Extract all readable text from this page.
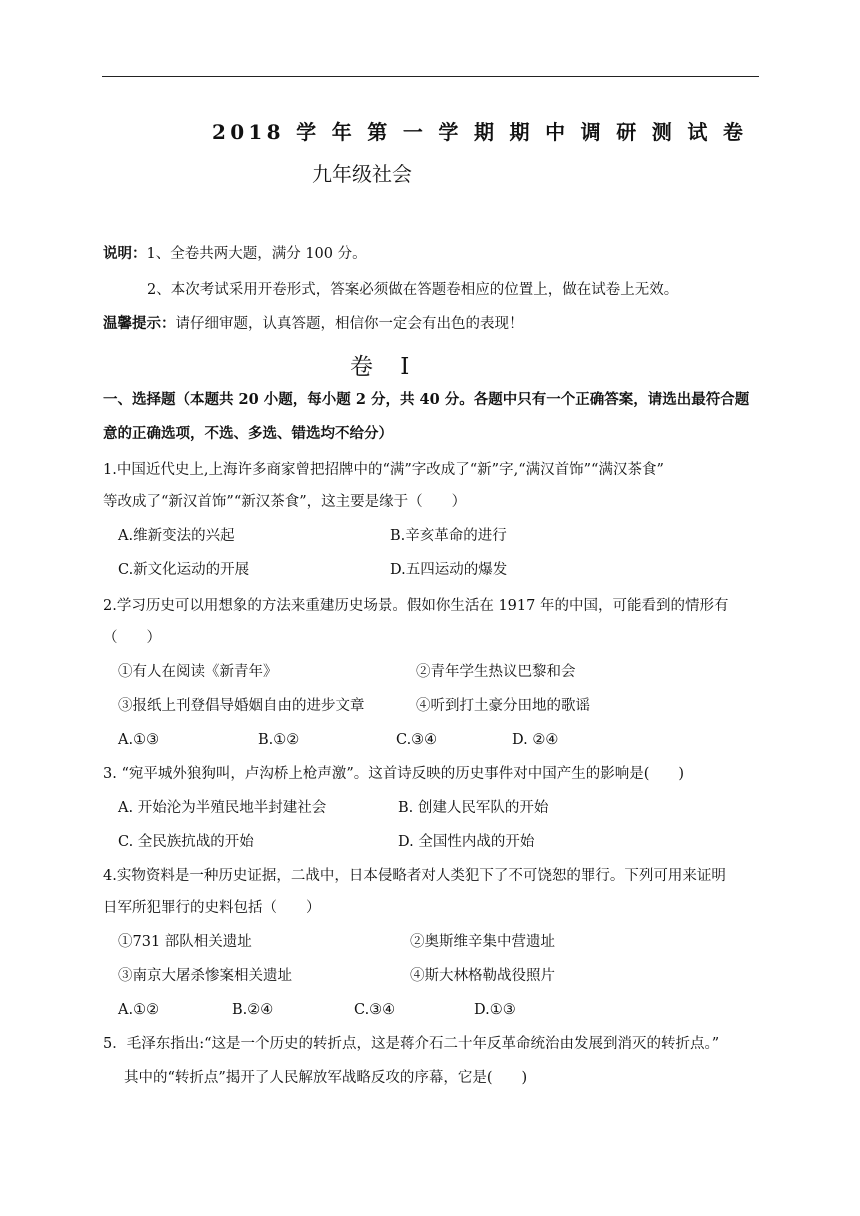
2018 学 年 第 一 学 期 期 中 调 研 测 试 卷
九年级社会
说明：1、全卷共两大题，满分 100 分。
2、本次考试采用开卷形式，答案必须做在答题卷相应的位置上，做在试卷上无效。
温馨提示：请仔细审题，认真答题，相信你一定会有出色的表现！
卷 I
一、选择题（本题共 20 小题，每小题 2 分，共 40 分。各题中只有一个正确答案，请选出最符合题
意的正确选项，不选、多选、错选均不给分）
1.中国近代史上,上海许多商家曾把招牌中的“满”字改成了“新”字,“满汉首饰”“满汉茶食”
等改成了“新汉首饰”“新汉茶食”，这主要是缘于（　　）
A.维新变法的兴起	B.辛亥革命的进行
C.新文化运动的开展	D.五四运动的爆发
2.学习历史可以用想象的方法来重建历史场景。假如你生活在 1917 年的中国，可能看到的情形有
（　　）
①有人在阅读《新青年》	②青年学生热议巴黎和会
③报纸上刊登倡导婚姻自由的进步文章	④听到打土豪分田地的歌谣
A.①③	B.①②	C.③④	D. ②④
3. “宛平城外狼狗叫，卢沟桥上枪声激”。这首诗反映的历史事件对中国产生的影响是(　　)
A. 开始沦为半殖民地半封建社会	B. 创建人民军队的开始
C. 全民族抗战的开始	D. 全国性内战的开始
4.实物资料是一种历史证据，二战中，日本侵略者对人类犯下了不可饶恕的罪行。下列可用来证明
日军所犯罪行的史料包括（　　）
①731 部队相关遗址	②奥斯维辛集中营遗址
③南京大屠杀惨案相关遗址	④斯大林格勒战役照片
A.①②	B.②④	C.③④	D.①③
5．毛泽东指出:“这是一个历史的转折点，这是蒋介石二十年反革命统治由发展到消灭的转折点。”
其中的“转折点”揭开了人民解放军战略反攻的序幕，它是(　　)
